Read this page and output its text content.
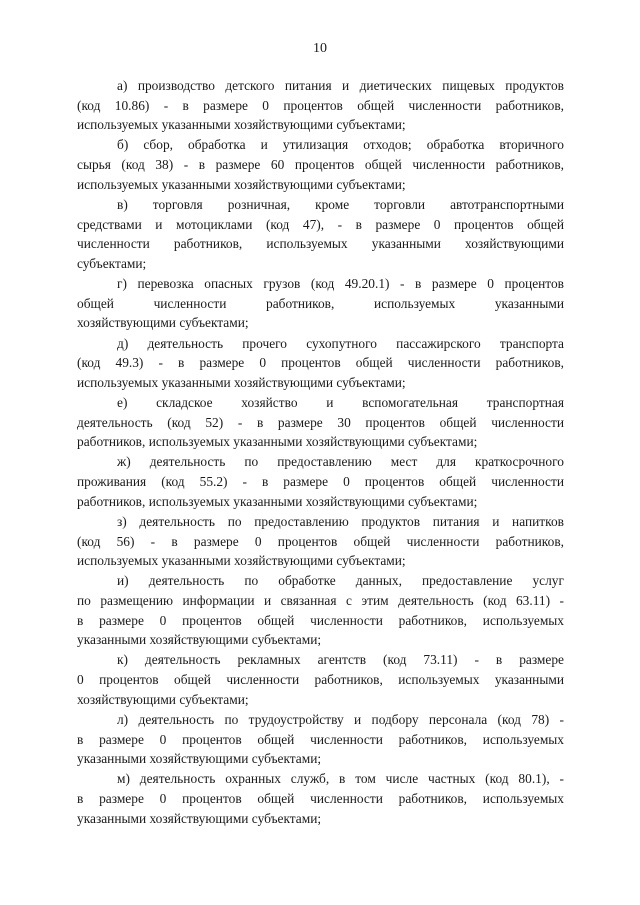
10
а) производство детского питания и диетических пищевых продуктов
(код 10.86) - в размере 0 процентов общей численности работников,
используемых указанными хозяйствующими субъектами;
б) сбор, обработка и утилизация отходов; обработка вторичного
сырья (код 38) - в размере 60 процентов общей численности работников,
используемых указанными хозяйствующими субъектами;
в) торговля розничная, кроме торговли автотранспортными
средствами и мотоциклами (код 47), - в размере 0 процентов общей
численности работников, используемых указанными хозяйствующими
субъектами;
г) перевозка опасных грузов (код 49.20.1) - в размере 0 процентов
общей численности работников, используемых указанными
хозяйствующими субъектами;
д) деятельность прочего сухопутного пассажирского транспорта
(код 49.3) - в размере 0 процентов общей численности работников,
используемых указанными хозяйствующими субъектами;
е) складское хозяйство и вспомогательная транспортная
деятельность (код 52) - в размере 30 процентов общей численности
работников, используемых указанными хозяйствующими субъектами;
ж) деятельность по предоставлению мест для краткосрочного
проживания (код 55.2) - в размере 0 процентов общей численности
работников, используемых указанными хозяйствующими субъектами;
з) деятельность по предоставлению продуктов питания и напитков
(код 56) - в размере 0 процентов общей численности работников,
используемых указанными хозяйствующими субъектами;
и) деятельность по обработке данных, предоставление услуг
по размещению информации и связанная с этим деятельность (код 63.11) -
в размере 0 процентов общей численности работников, используемых
указанными хозяйствующими субъектами;
к) деятельность рекламных агентств (код 73.11) - в размере
0 процентов общей численности работников, используемых указанными
хозяйствующими субъектами;
л) деятельность по трудоустройству и подбору персонала (код 78) -
в размере 0 процентов общей численности работников, используемых
указанными хозяйствующими субъектами;
м) деятельность охранных служб, в том числе частных (код 80.1), -
в размере 0 процентов общей численности работников, используемых
указанными хозяйствующими субъектами;
